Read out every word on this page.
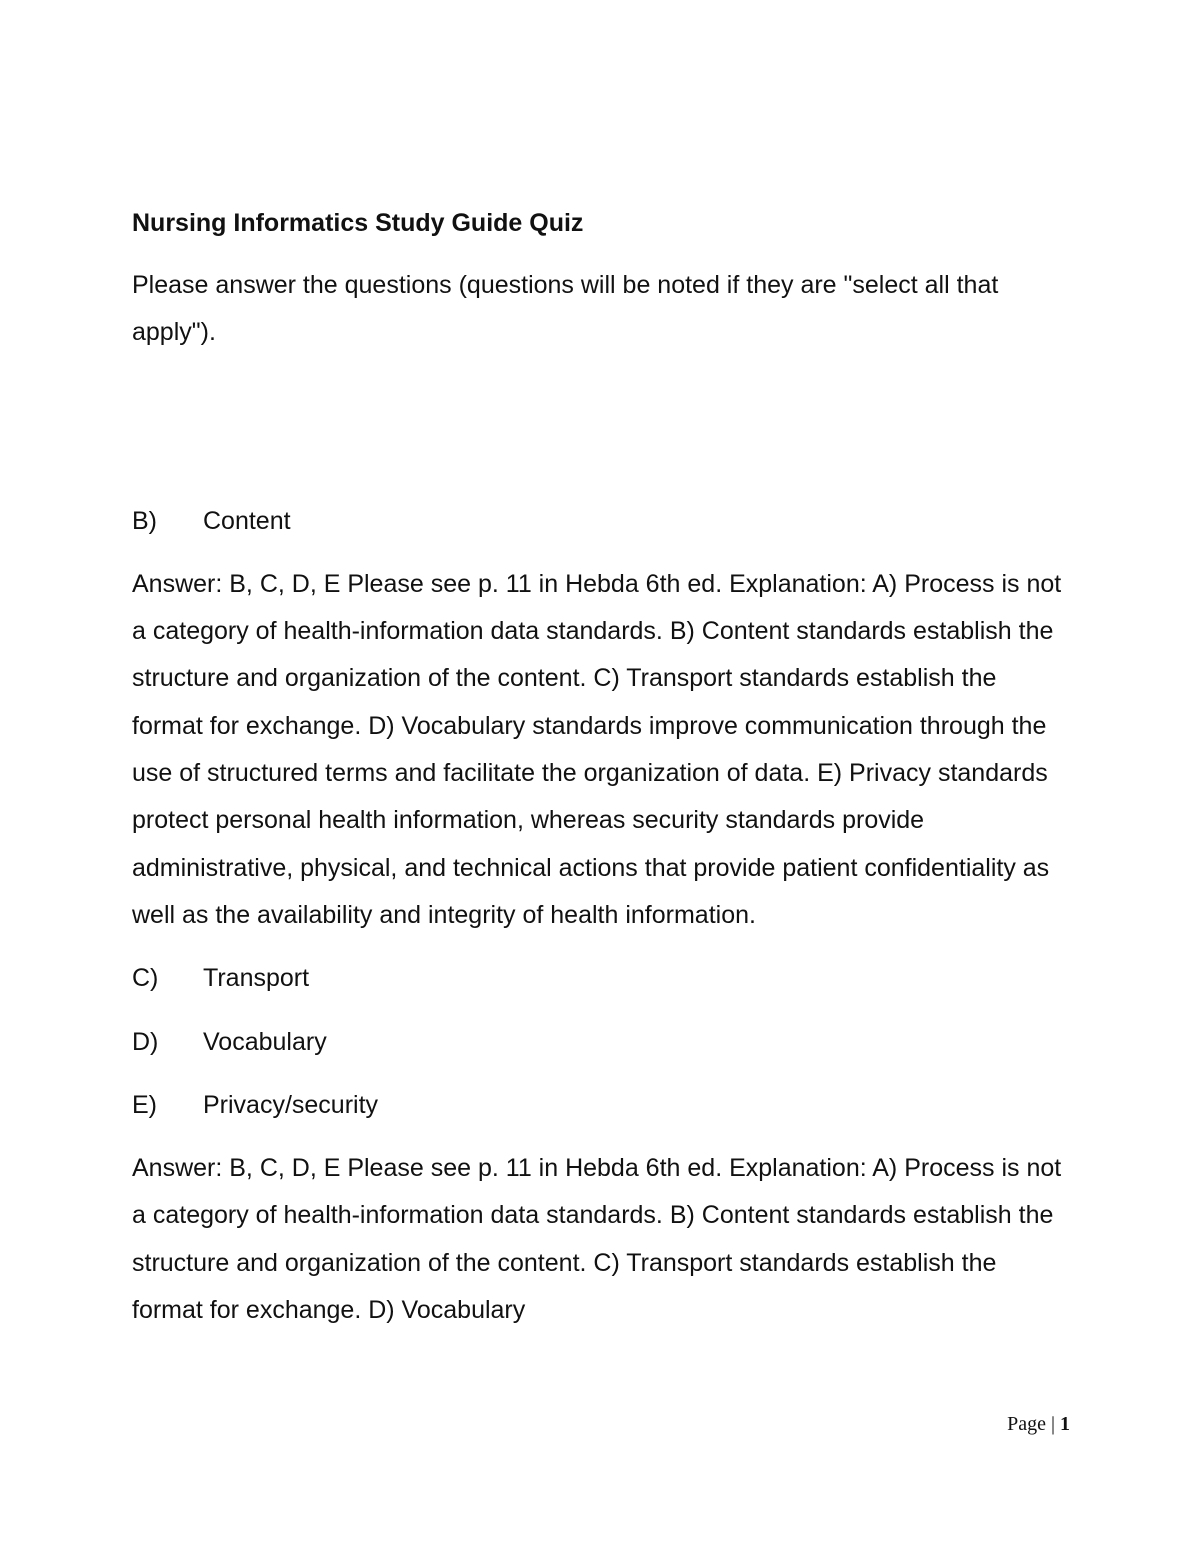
Nursing Informatics Study Guide Quiz

Please answer the questions (questions will be noted if they are "select all that apply").

B)	Content

Answer: B, C, D, E Please see p. 11 in Hebda 6th ed. Explanation: A) Process is not a category of health-information data standards. B) Content standards establish the structure and organization of the content. C) Transport standards establish the format for exchange. D) Vocabulary standards improve communication through the use of structured terms and facilitate the organization of data. E) Privacy standards protect personal health information, whereas security standards provide administrative, physical, and technical actions that provide patient confidentiality as well as the availability and integrity of health information.

C)	Transport
D)	Vocabulary
E)	Privacy/security

Answer: B, C, D, E Please see p. 11 in Hebda 6th ed. Explanation: A) Process is not a category of health-information data standards. B) Content standards establish the structure and organization of the content. C) Transport standards establish the format for exchange. D) Vocabulary

Page | 1
